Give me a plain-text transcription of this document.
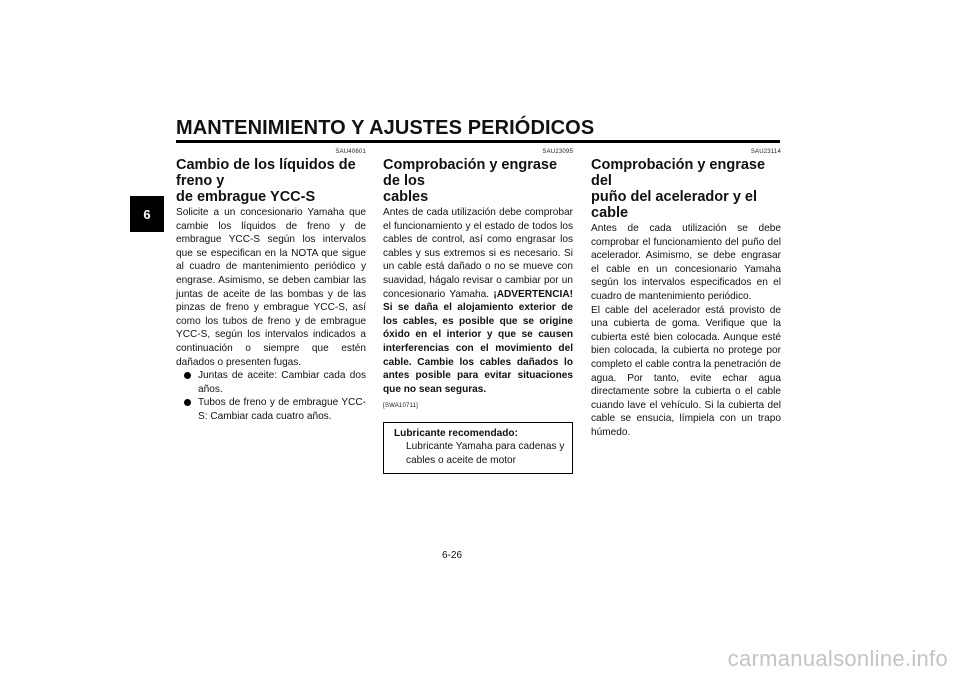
MANTENIMIENTO Y AJUSTES PERIÓDICOS
6
SAU40601
Cambio de los líquidos de freno y
de embrague YCC-S

Solicite a un concesionario Yamaha que cambie los líquidos de freno y de embrague YCC-S según los intervalos que se especifican en la NOTA que sigue al cuadro de mantenimiento periódico y engrase. Asimismo, se deben cambiar las juntas de aceite de las bombas y de las pinzas de freno y embrague YCC-S, así como los tubos de freno y de embrague YCC-S, según los intervalos indicados a continuación o siempre que estén dañados o presenten fugas.

Juntas de aceite: Cambiar cada dos años.
Tubos de freno y de embrague YCC-S: Cambiar cada cuatro años.
SAU23095
Comprobación y engrase de los
cables

Antes de cada utilización debe comprobar el funcionamiento y el estado de todos los cables de control, así como engrasar los cables y sus extremos si es necesario. Si un cable está dañado o no se mueve con suavidad, hágalo revisar o cambiar por un concesionario Yamaha. ¡ADVERTENCIA! Si se daña el alojamiento exterior de los cables, es posible que se origine óxido en el interior y que se causen interferencias con el movimiento del cable. Cambie los cables dañados lo antes posible para evitar situaciones que no sean seguras.

[SWA10711]
Lubricante recomendado:
Lubricante Yamaha para cadenas y cables o aceite de motor
SAU23114
Comprobación y engrase del
puño del acelerador y el cable

Antes de cada utilización se debe comprobar el funcionamiento del puño del acelerador. Asimismo, se debe engrasar el cable en un concesionario Yamaha según los intervalos especificados en el cuadro de mantenimiento periódico.

El cable del acelerador está provisto de una cubierta de goma. Verifique que la cubierta esté bien colocada. Aunque esté bien colocada, la cubierta no protege por completo el cable contra la penetración de agua. Por tanto, evite echar agua directamente sobre la cubierta o el cable cuando lave el vehículo. Si la cubierta del cable se ensucia, límpiela con un trapo húmedo.

6-26
carmanualsonline.info
